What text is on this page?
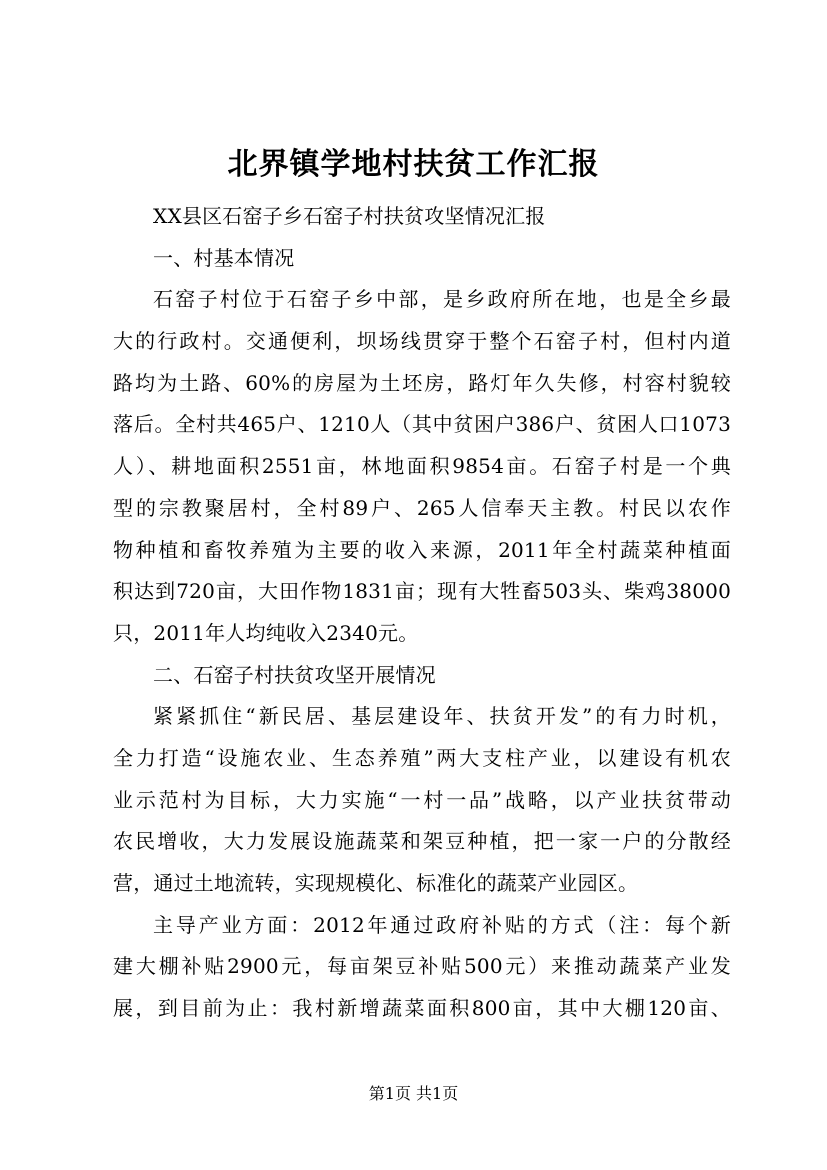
北界镇学地村扶贫工作汇报
XX县区石窑子乡石窑子村扶贫攻坚情况汇报
一、村基本情况
石窑子村位于石窑子乡中部，是乡政府所在地，也是全乡最
大的行政村。交通便利，坝场线贯穿于整个石窑子村，但村内道
路均为土路、60%的房屋为土坯房，路灯年久失修，村容村貌较
落后。全村共465户、1210人（其中贫困户386户、贫困人口1073
人）、耕地面积2551亩，林地面积9854亩。石窑子村是一个典
型的宗教聚居村，全村89户、265人信奉天主教。村民以农作
物种植和畜牧养殖为主要的收入来源，2011年全村蔬菜种植面
积达到720亩，大田作物1831亩；现有大牲畜503头、柴鸡38000
只，2011年人均纯收入2340元。
二、石窑子村扶贫攻坚开展情况
紧紧抓住“新民居、基层建设年、扶贫开发”的有力时机，
全力打造“设施农业、生态养殖”两大支柱产业，以建设有机农
业示范村为目标，大力实施“一村一品”战略，以产业扶贫带动
农民增收，大力发展设施蔬菜和架豆种植，把一家一户的分散经
营，通过土地流转，实现规模化、标准化的蔬菜产业园区。
主导产业方面：2012年通过政府补贴的方式（注：每个新
建大棚补贴2900元，每亩架豆补贴500元）来推动蔬菜产业发
展，到目前为止：我村新增蔬菜面积800亩，其中大棚120亩、
第1页 共1页
